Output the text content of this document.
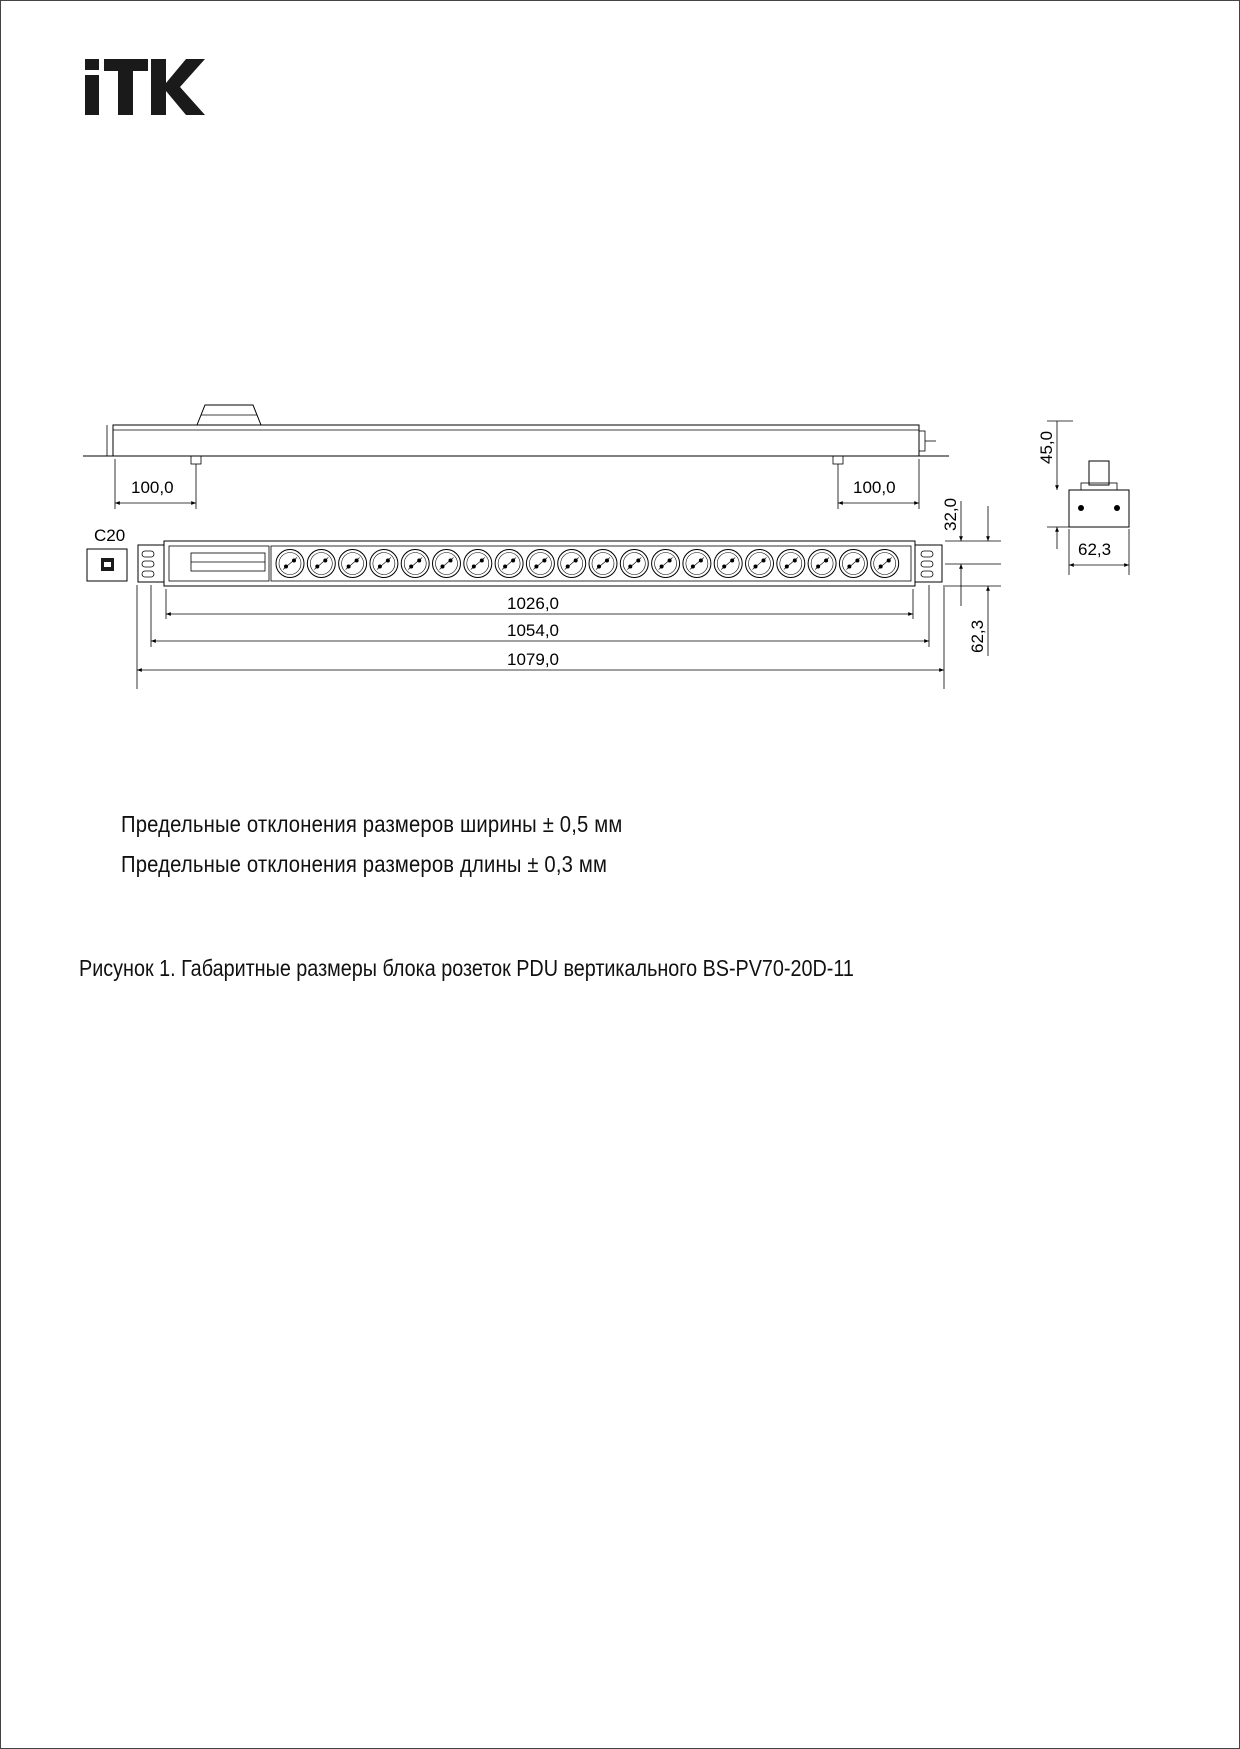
100,0	100,0
C20
32,0
62,3
1026,0
1054,0
1079,0
45,0
62,3
Предельные отклонения размеров ширины ± 0,5 мм
Предельные отклонения размеров длины ± 0,3 мм
Рисунок 1. Габаритные размеры блока розеток PDU вертикального BS-PV70-20D-11
